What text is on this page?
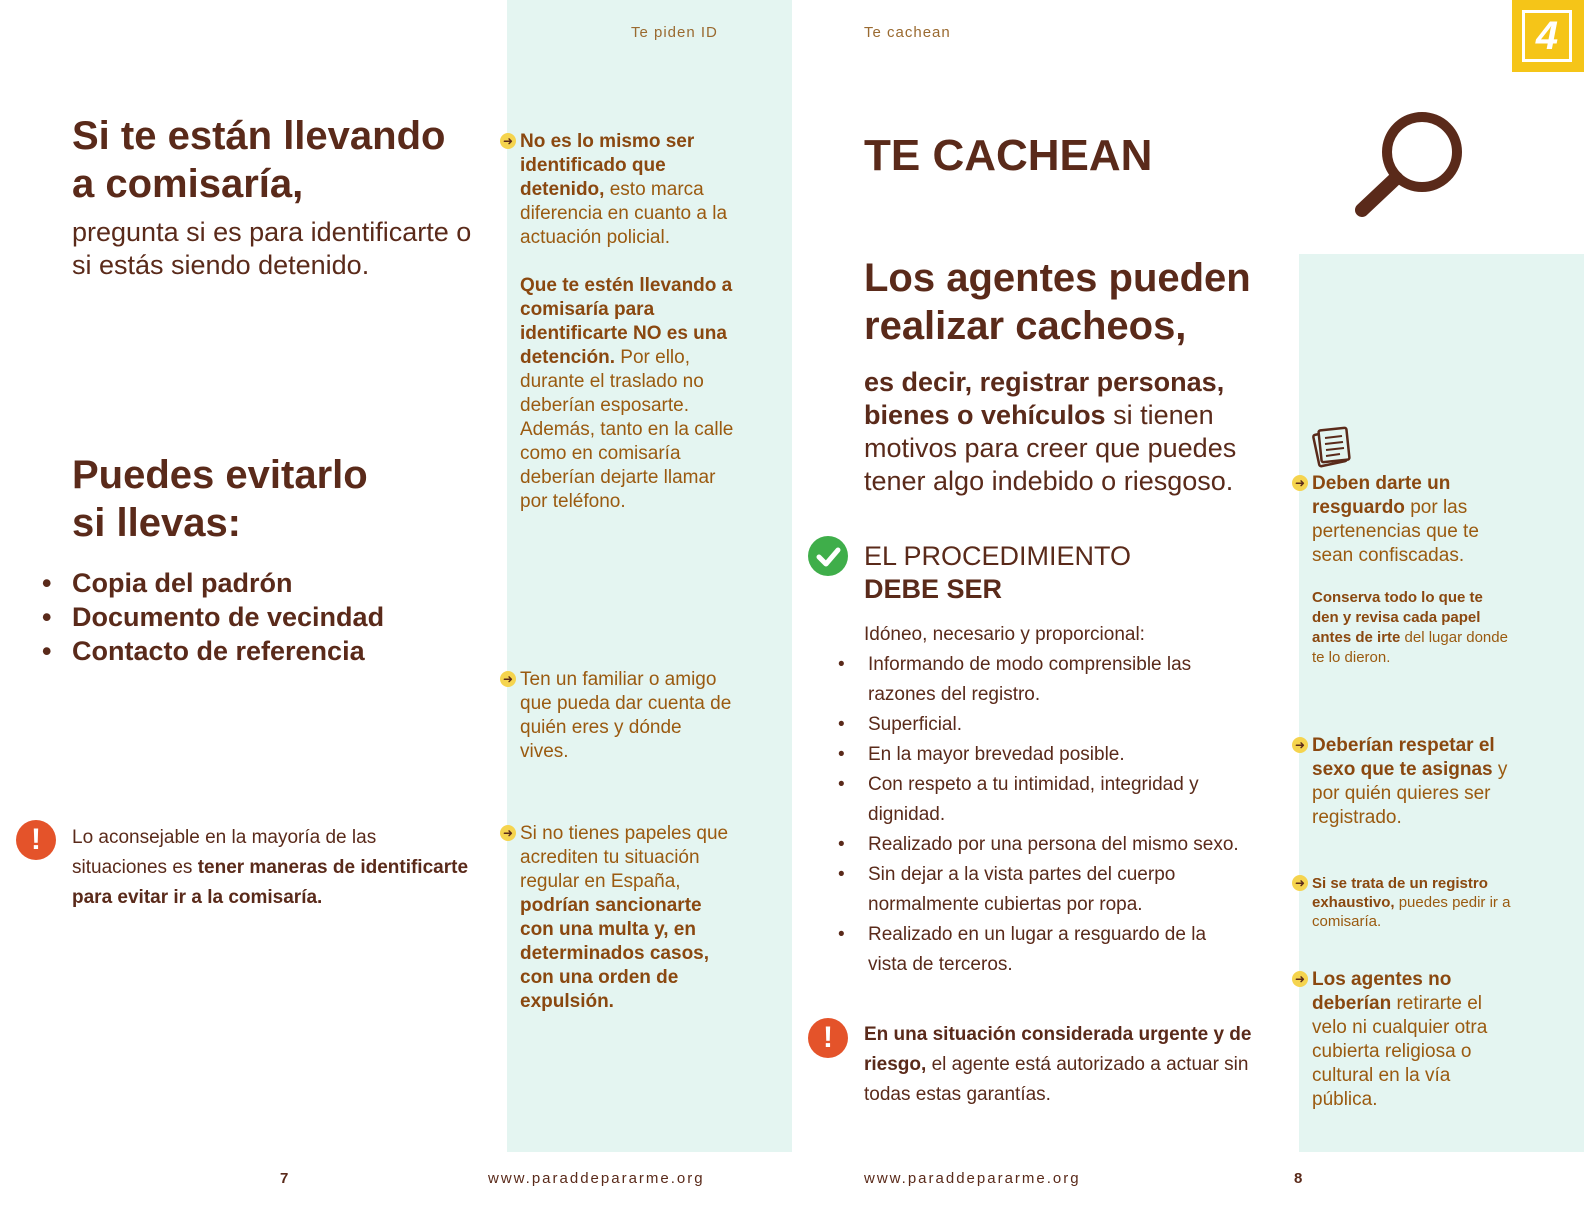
Te piden ID	Te cachean	4
Si te están llevando a comisaría,
pregunta si es para identificarte o si estás siendo detenido.
Puedes evitarlo si llevas:
• Copia del padrón
• Documento de vecindad
• Contacto de referencia
!	Lo aconsejable en la mayoría de las situaciones es tener maneras de identificarte para evitar ir a la comisaría.
➜ No es lo mismo ser identificado que detenido, esto marca diferencia en cuanto a la actuación policial.
Que te estén llevando a comisaría para identificarte NO es una detención. Por ello, durante el traslado no deberían esposarte. Además, tanto en la calle como en comisaría deberían dejarte llamar por teléfono.
➜ Ten un familiar o amigo que pueda dar cuenta de quién eres y dónde vives.
➜ Si no tienes papeles que acrediten tu situación regular en España, podrían sancionarte con una multa y, en determinados casos, con una orden de expulsión.
TE CACHEAN
Los agentes pueden realizar cacheos,
es decir, registrar personas, bienes o vehículos si tienen motivos para creer que puedes tener algo indebido o riesgoso.
EL PROCEDIMIENTO
DEBE SER
Idóneo, necesario y proporcional:
• Informando de modo comprensible las razones del registro.
• Superficial.
• En la mayor brevedad posible.
• Con respeto a tu intimidad, integridad y dignidad.
• Realizado por una persona del mismo sexo.
• Sin dejar a la vista partes del cuerpo normalmente cubiertas por ropa.
• Realizado en un lugar a resguardo de la vista de terceros.
!	En una situación considerada urgente y de riesgo, el agente está autorizado a actuar sin todas estas garantías.
➜ Deben darte un resguardo por las pertenencias que te sean confiscadas.
Conserva todo lo que te den y revisa cada papel antes de irte del lugar donde te lo dieron.
➜ Deberían respetar el sexo que te asignas y por quién quieres ser registrado.
➜ Si se trata de un registro exhaustivo, puedes pedir ir a comisaría.
➜ Los agentes no deberían retirarte el velo ni cualquier otra cubierta religiosa o cultural en la vía pública.
7	www.paraddepararme.org	www.paraddepararme.org	8
